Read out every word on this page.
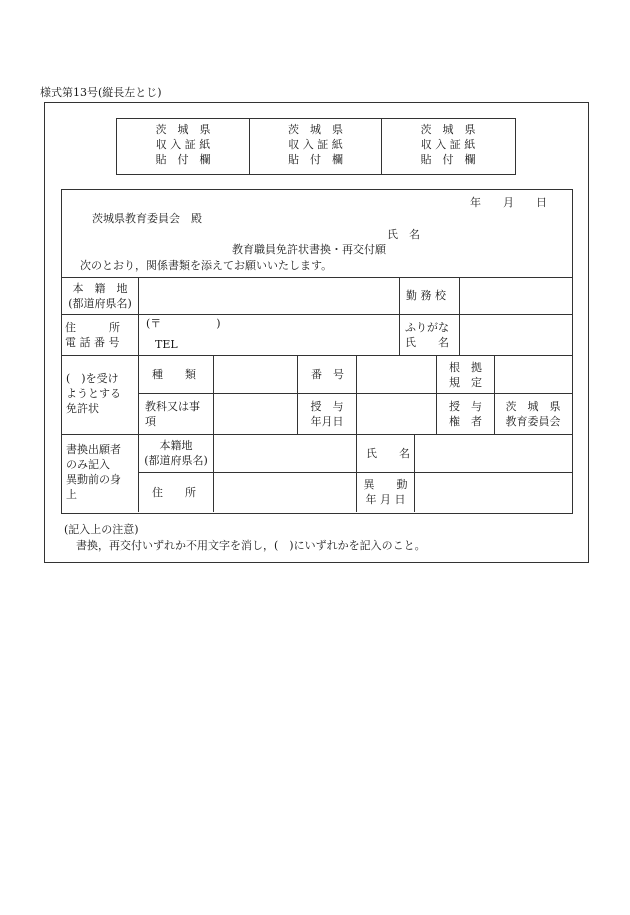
様式第13号(縦長左とじ)
茨　城　県
収 入 証 紙
貼　付　欄
茨　城　県
収 入 証 紙
貼　付　欄
茨　城　県
収 入 証 紙
貼　付　欄
年　　月　　日
茨城県教育委員会　殿
氏　名
教育職員免許状書換・再交付願
次のとおり，関係書類を添えてお願いいたします。
本　籍　地
(都道府県名)
勤 務 校
住　　　所
電 話 番 号
(〒　　　　　)
TEL
ふりがな
氏　　名
(　)を受け
ようとする
免許状
種　　類	番　号
根　拠
規　定
教科又は事
項
授　与
年月日
授　与
権　者
茨　城　県
教育委員会
書換出願者
のみ記入
異動前の身
上
本籍地
(都道府県名)
氏　　名
住　　所
異　　動
年 月 日
(記入上の注意)
書換，再交付いずれか不用文字を消し，(　)にいずれかを記入のこと。
